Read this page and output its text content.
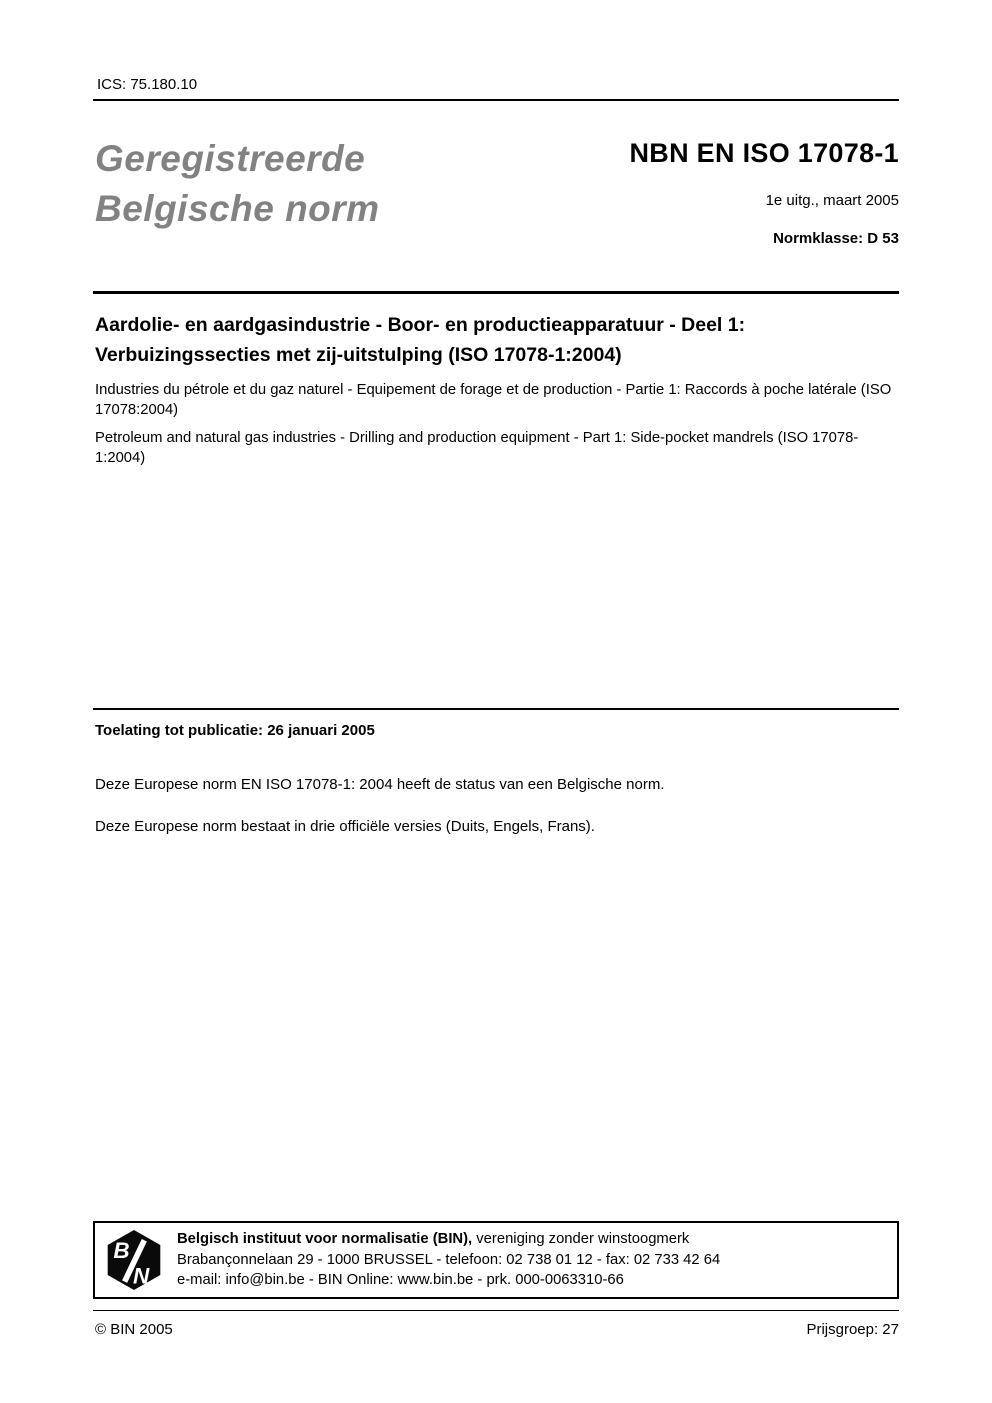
ICS: 75.180.10
Geregistreerde
Belgische norm
NBN EN ISO 17078-1
1e uitg., maart 2005
Normklasse: D 53
Aardolie- en aardgasindustrie - Boor- en productieapparatuur - Deel 1: Verbuizingssecties met zij-uitstulping (ISO 17078-1:2004)
Industries du pétrole et du gaz naturel - Equipement de forage et de production - Partie 1: Raccords à poche latérale (ISO 17078:2004)
Petroleum and natural gas industries - Drilling and production equipment - Part 1: Side-pocket mandrels (ISO 17078-1:2004)
Toelating tot publicatie: 26 januari 2005
Deze Europese norm EN ISO 17078-1: 2004 heeft de status van een Belgische norm.
Deze Europese norm bestaat in drie officiële versies (Duits, Engels, Frans).
B
N
Belgisch instituut voor normalisatie (BIN), vereniging zonder winstoogmerk
Brabançonnelaan 29 - 1000 BRUSSEL - telefoon: 02 738 01 12 - fax: 02 733 42 64
e-mail: info@bin.be - BIN Online: www.bin.be - prk. 000-0063310-66
© BIN 2005	Prijsgroep: 27
